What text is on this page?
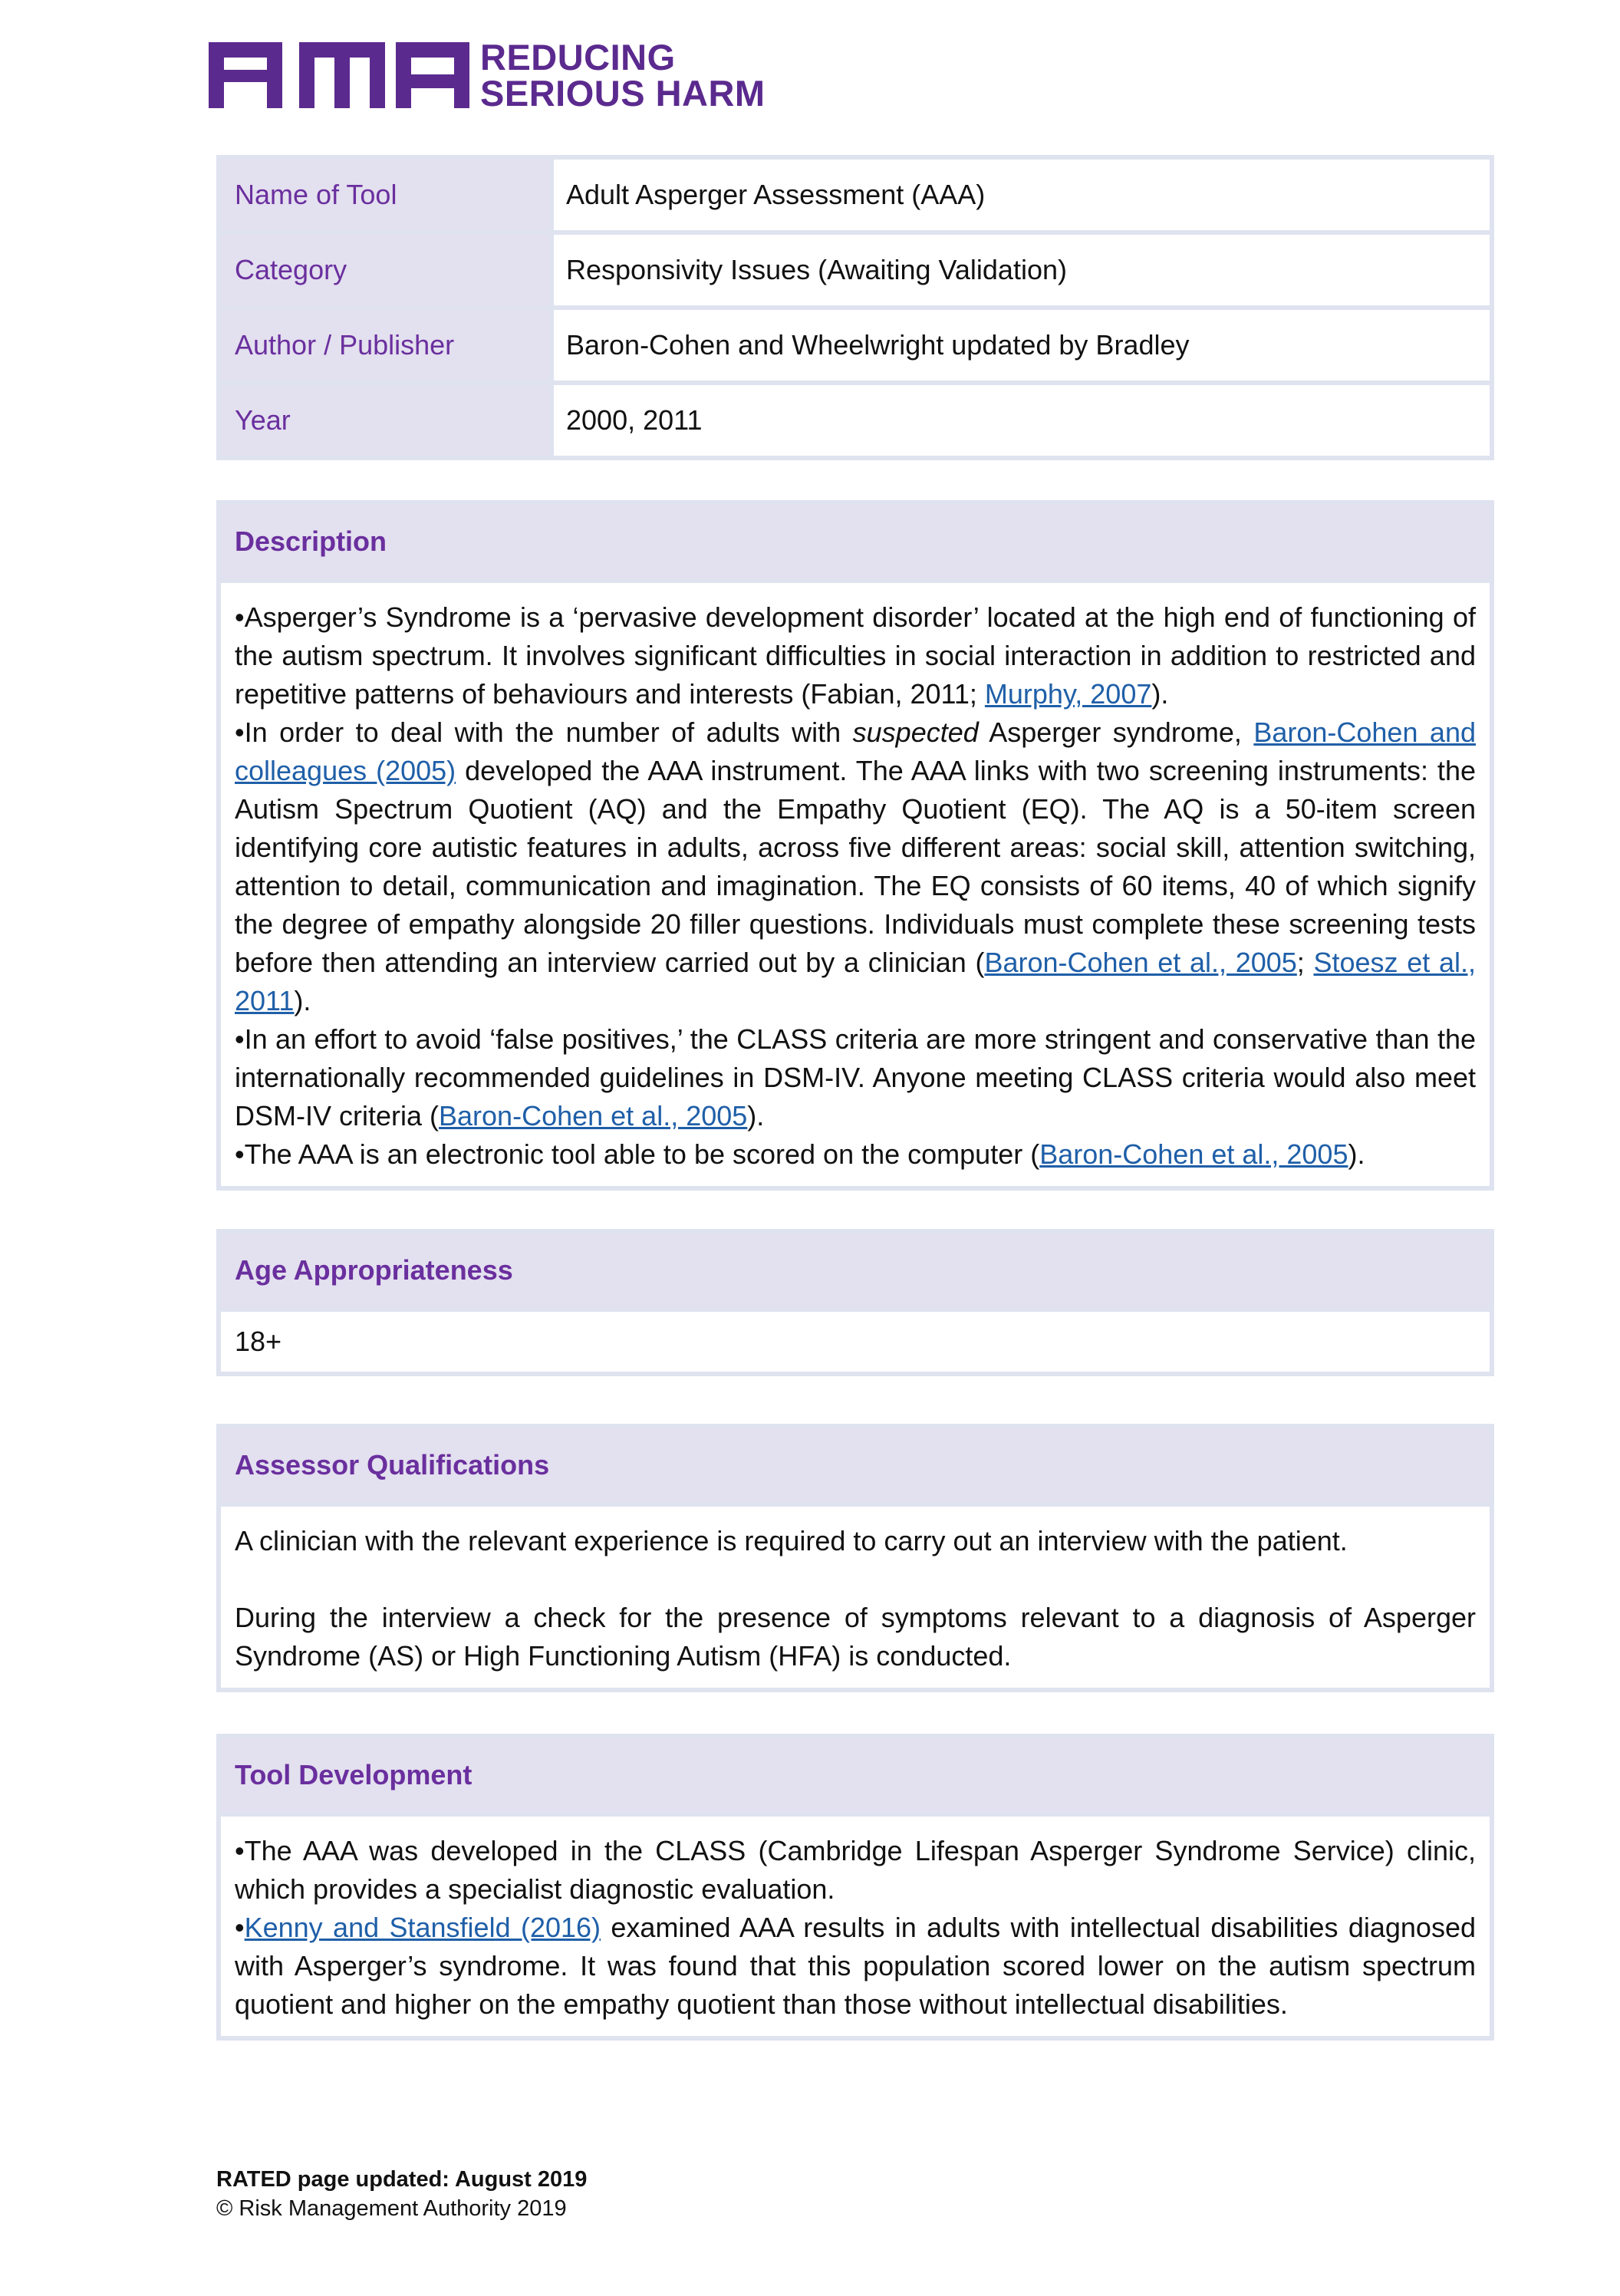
REDUCING
SERIOUS HARM
Name of Tool	Adult Asperger Assessment (AAA)
Category	Responsivity Issues (Awaiting Validation)
Author / Publisher	Baron-Cohen and Wheelwright updated by Bradley
Year	2000, 2011
Description

•Asperger’s Syndrome is a ‘pervasive development disorder’ located at the high end of functioning of the autism spectrum. It involves significant difficulties in social interaction in addition to restricted and repetitive patterns of behaviours and interests (Fabian, 2011; Murphy, 2007).

•In order to deal with the number of adults with suspected Asperger syndrome, Baron-Cohen and colleagues (2005) developed the AAA instrument. The AAA links with two screening instruments: the Autism Spectrum Quotient (AQ) and the Empathy Quotient (EQ). The AQ is a 50-item screen identifying core autistic features in adults, across five different areas: social skill, attention switching, attention to detail, communication and imagination. The EQ consists of 60 items, 40 of which signify the degree of empathy alongside 20 filler questions. Individuals must complete these screening tests before then attending an interview carried out by a clinician (Baron-Cohen et al., 2005; Stoesz et al., 2011).

•In an effort to avoid ‘false positives,’ the CLASS criteria are more stringent and conservative than the internationally recommended guidelines in DSM-IV. Anyone meeting CLASS criteria would also meet DSM-IV criteria (Baron-Cohen et al., 2005).

•The AAA is an electronic tool able to be scored on the computer (Baron-Cohen et al., 2005).

Age Appropriateness

18+

Assessor Qualifications

A clinician with the relevant experience is required to carry out an interview with the patient.

During the interview a check for the presence of symptoms relevant to a diagnosis of Asperger Syndrome (AS) or High Functioning Autism (HFA) is conducted.

Tool Development

•The AAA was developed in the CLASS (Cambridge Lifespan Asperger Syndrome Service) clinic, which provides a specialist diagnostic evaluation.

•Kenny and Stansfield (2016) examined AAA results in adults with intellectual disabilities diagnosed with Asperger’s syndrome. It was found that this population scored lower on the autism spectrum quotient and higher on the empathy quotient than those without intellectual disabilities.

RATED page updated: August 2019
© Risk Management Authority 2019
